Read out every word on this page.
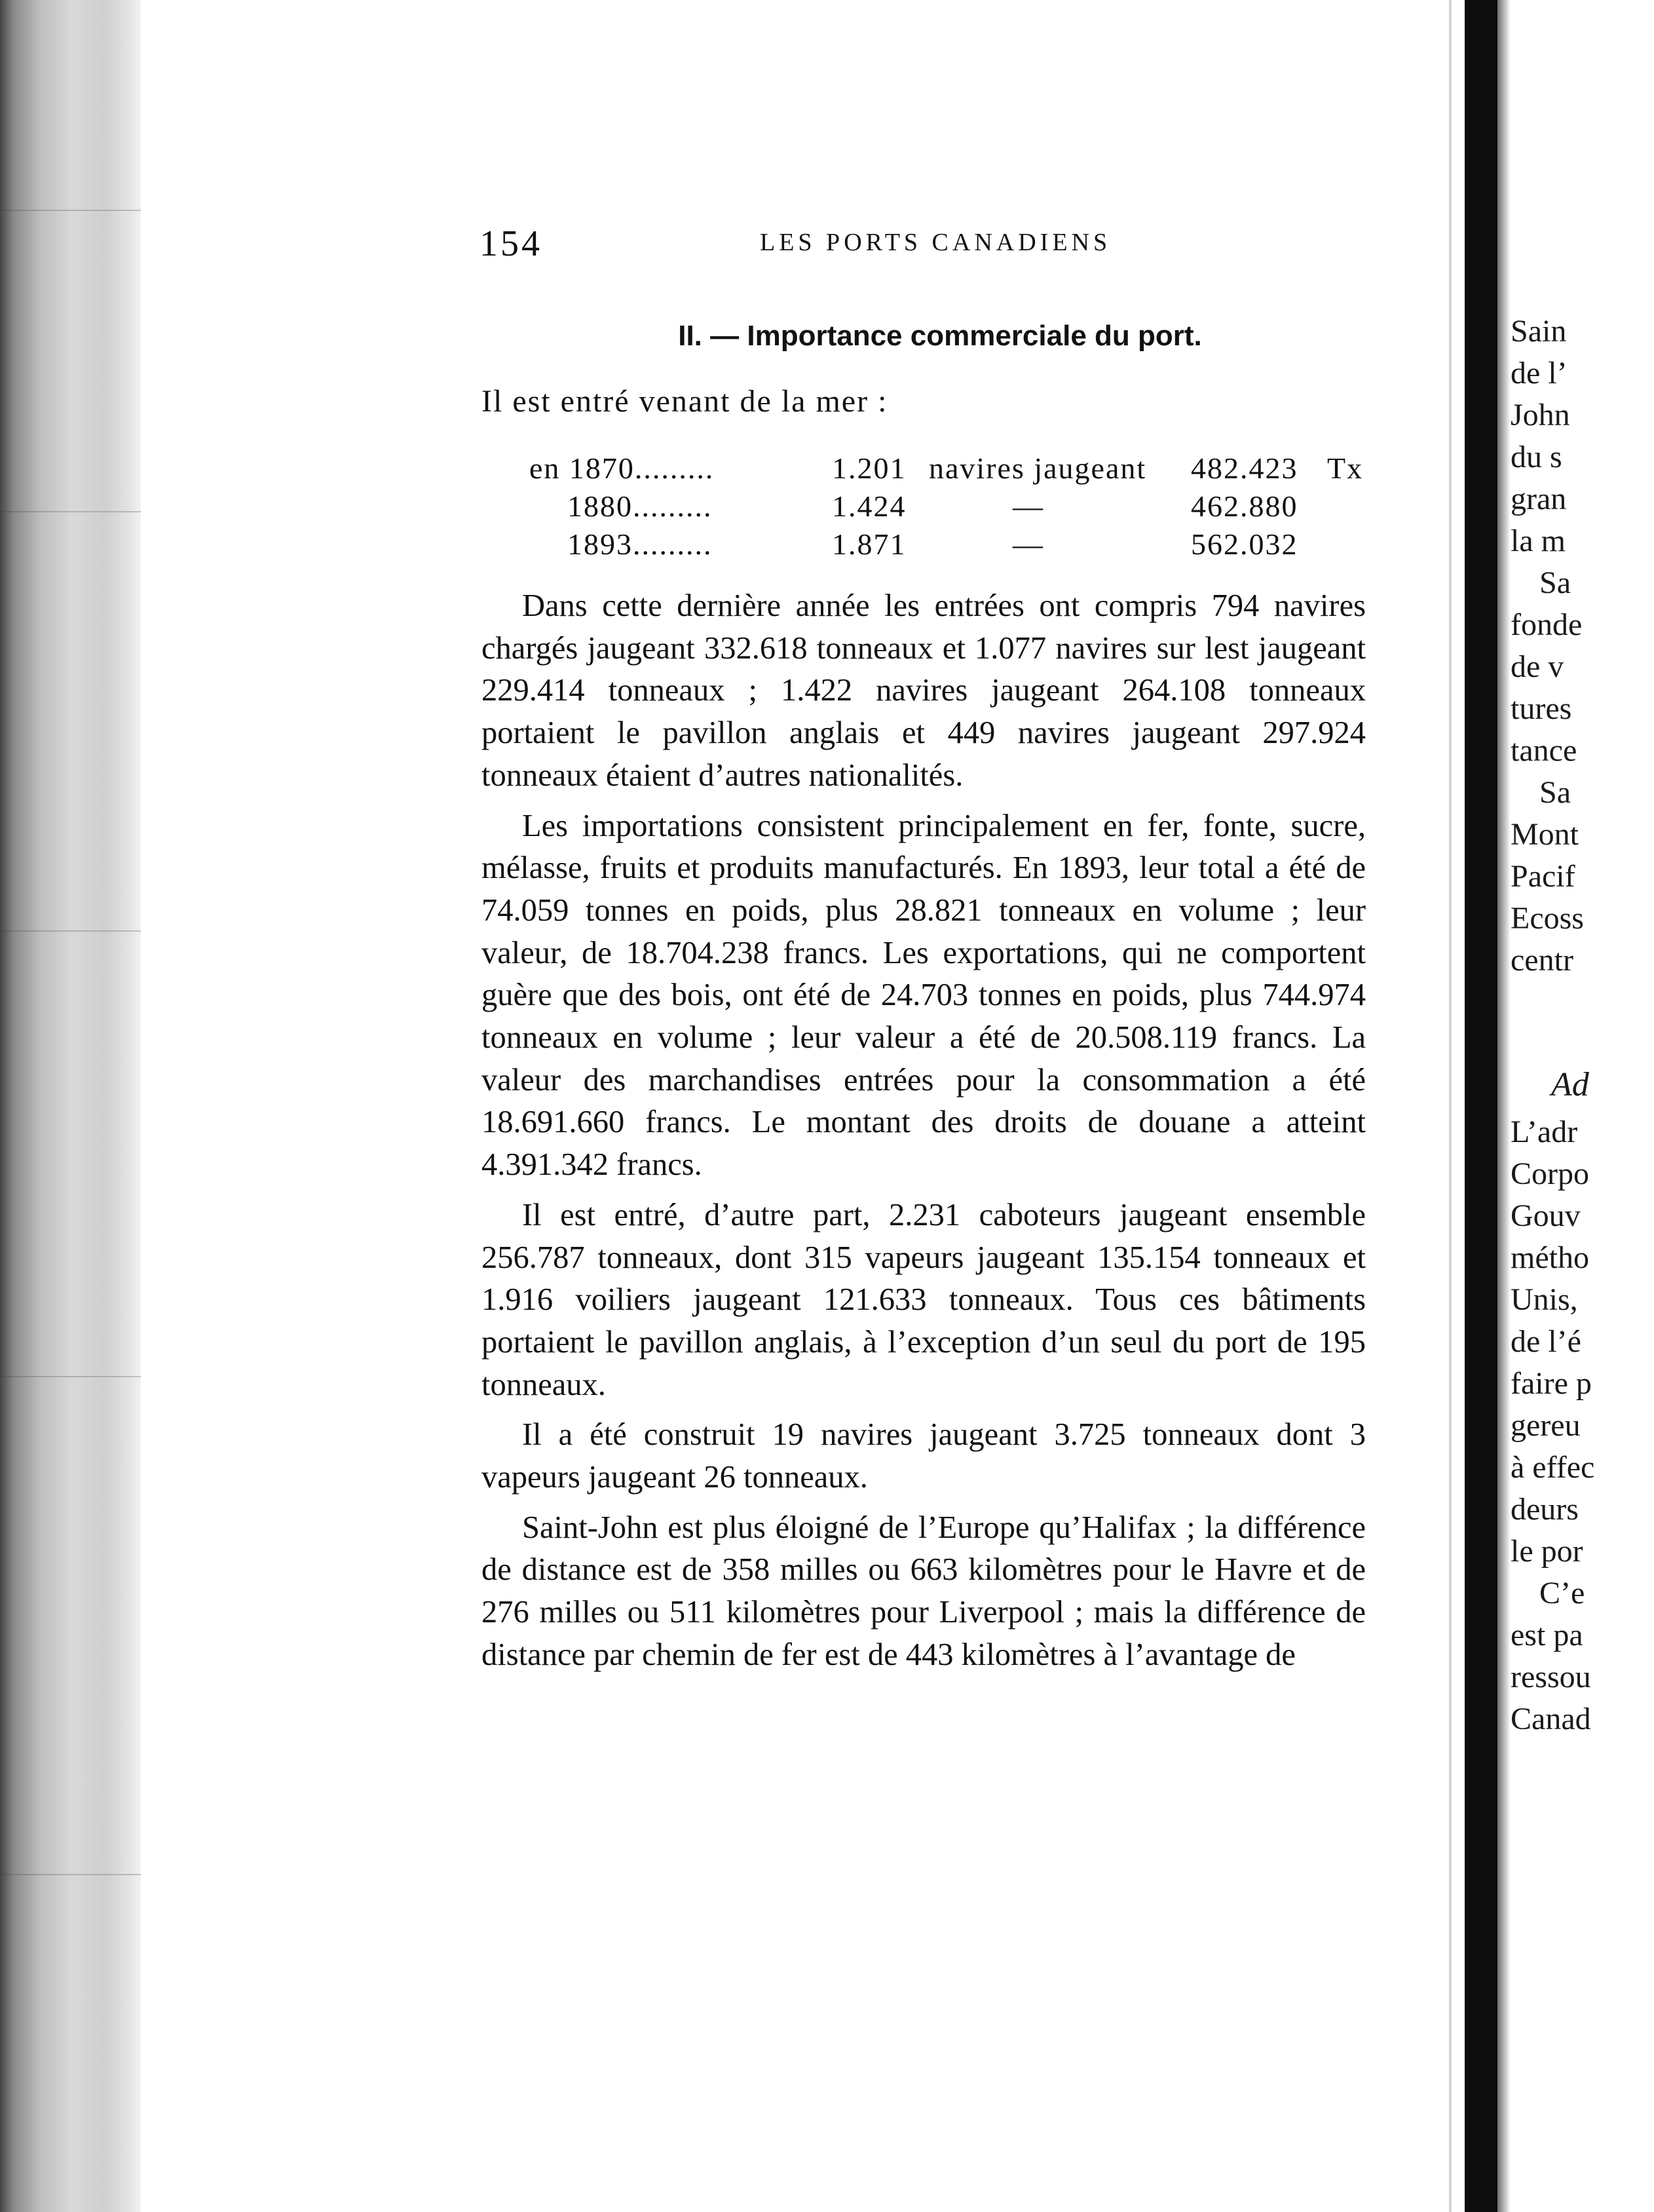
154	LES PORTS CANADIENS
II. — Importance commerciale du port.
Il est entré venant de la mer :
en 1870.........	1.201 navires jaugeant 482.423 Tx
1880.........	1.424	—	462.880
1893.........	1.871	—	562.032

Dans cette dernière année les entrées ont compris 794 navires chargés jaugeant 332.618 tonneaux et 1.077 navires sur lest jaugeant 229.414 tonneaux ; 1.422 navires jaugeant 264.108 tonneaux portaient le pavillon anglais et 449 navires jaugeant 297.924 tonneaux étaient d’autres nationalités.

Les importations consistent principalement en fer, fonte, sucre, mélasse, fruits et produits manufacturés. En 1893, leur total a été de 74.059 tonnes en poids, plus 28.821 tonneaux en volume ; leur valeur, de 18.704.238 francs. Les exportations, qui ne comportent guère que des bois, ont été de 24.703 tonnes en poids, plus 744.974 tonneaux en volume ; leur valeur a été de 20.508.119 francs. La valeur des marchandises entrées pour la consommation a été 18.691.660 francs. Le montant des droits de douane a atteint 4.391.342 francs.

Il est entré, d’autre part, 2.231 caboteurs jaugeant ensemble 256.787 tonneaux, dont 315 vapeurs jaugeant 135.154 tonneaux et 1.916 voiliers jaugeant 121.633 tonneaux. Tous ces bâtiments portaient le pavillon anglais, à l’exception d’un seul du port de 195 tonneaux.

Il a été construit 19 navires jaugeant 3.725 tonneaux dont 3 vapeurs jaugeant 26 tonneaux.

Saint-John est plus éloigné de l’Europe qu’Halifax ; la différence de distance est de 358 milles ou 663 kilomètres pour le Havre et de 276 milles ou 511 kilomètres pour Liverpool ; mais la différence de distance par chemin de fer est de 443 kilomètres à l’avantage de

Sain
de l’
John
du s
gran
la m
Sa
fonde
de v
tures
tance
Sa
Mont
Pacif
Ecoss
centr
Ad
L’adr
Corpo
Gouv
métho
Unis,
de l’é
faire p
gereu
à effec
deurs
le por
C’e
est pa
ressou
Canad
